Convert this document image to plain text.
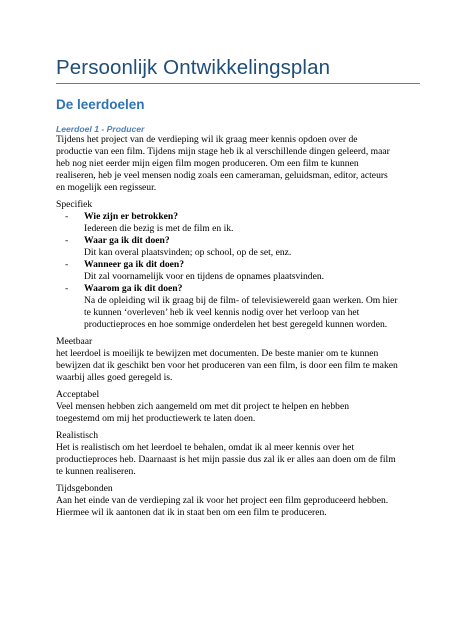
Persoonlijk Ontwikkelingsplan
De leerdoelen
Leerdoel 1 - Producer
Tijdens het project van de verdieping wil ik graag meer kennis opdoen over de
productie van een film. Tijdens mijn stage heb ik al verschillende dingen geleerd, maar
heb nog niet eerder mijn eigen film mogen produceren. Om een film te kunnen
realiseren, heb je veel mensen nodig zoals een cameraman, geluidsman, editor, acteurs
en mogelijk een regisseur.
Specifiek
- Wie zijn er betrokken?
Iedereen die bezig is met de film en ik.
- Waar ga ik dit doen?
Dit kan overal plaatsvinden; op school, op de set, enz.
- Wanneer ga ik dit doen?
Dit zal voornamelijk voor en tijdens de opnames plaatsvinden.
- Waarom ga ik dit doen?
Na de opleiding wil ik graag bij de film- of televisiewereld gaan werken. Om hier
te kunnen ‘overleven’ heb ik veel kennis nodig over het verloop van het
productieproces en hoe sommige onderdelen het best geregeld kunnen worden.
Meetbaar
het leerdoel is moeilijk te bewijzen met documenten. De beste manier om te kunnen
bewijzen dat ik geschikt ben voor het produceren van een film, is door een film te maken
waarbij alles goed geregeld is.
Acceptabel
Veel mensen hebben zich aangemeld om met dit project te helpen en hebben
toegestemd om mij het productiewerk te laten doen.
Realistisch
Het is realistisch om het leerdoel te behalen, omdat ik al meer kennis over het
productieproces heb. Daarnaast is het mijn passie dus zal ik er alles aan doen om de film
te kunnen realiseren.
Tijdsgebonden
Aan het einde van de verdieping zal ik voor het project een film geproduceerd hebben.
Hiermee wil ik aantonen dat ik in staat ben om een film te produceren.
